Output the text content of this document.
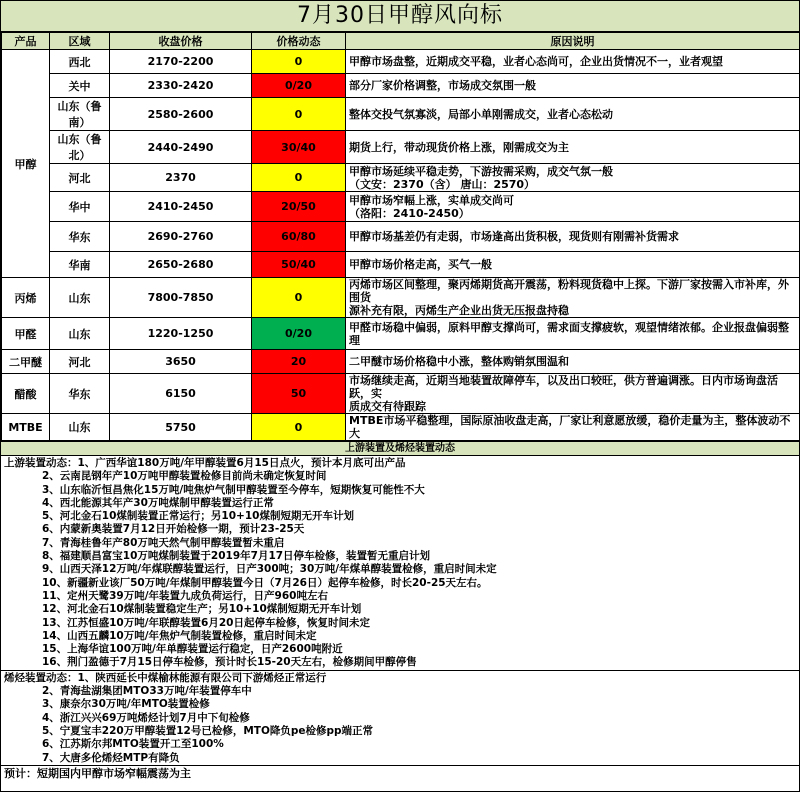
7月30日甲醇风向标
产品	区域	收盘价格	价格动态	原因说明
甲醇	西北	2170-2200	0	甲醇市场盘整，近期成交平稳，业者心态尚可，企业出货情况不一，业者观望

	关中	2330-2420	0/20	部分厂家价格调整，市场成交氛围一般

	山东（鲁南）	2580-2600	0	整体交投气氛寡淡，局部小单刚需成交，业者心态松动

	山东（鲁北）	2440-2490	30/40	期货上行，带动现货价格上涨，刚需成交为主

	河北	2370	0	甲醇市场延续平稳走势，下游按需采购，成交气氛一般
（文安：2370（含） 唐山：2570）

	华中	2410-2450	20/50	甲醇市场窄幅上涨，实单成交尚可
（洛阳：2410-2450）

	华东	2690-2760	60/80	甲醇市场基差仍有走弱，市场逢高出货积极，现货则有刚需补货需求

	华南	2650-2680	50/40	甲醇市场价格走高，买气一般

丙烯	山东	7800-7850	0	丙烯市场区间整理，聚丙烯期货高开震荡，粉料现货稳中上探。下游厂家按需入市补库，外围货
源补充有限，丙烯生产企业出货无压报盘持稳

甲醛	山东	1220-1250	0/20	甲醛市场稳中偏弱，原料甲醇支撑尚可，需求面支撑疲软，观望情绪浓郁。企业报盘偏弱整理

二甲醚	河北	3650	20	二甲醚市场价格稳中小涨，整体购销氛围温和

醋酸	华东	6150	50	市场继续走高，近期当地装置故障停车，以及出口较旺，供方普遍调涨。日内市场询盘活跃，实
质成交有待跟踪

MTBE	山东	5750	0	MTBE市场平稳整理，国际原油收盘走高，厂家让利意愿放缓，稳价走量为主，整体波动不大
上游装置及烯烃装置动态
上游装置动态：1、广西华谊180万吨/年甲醇装置6月15日点火，预计本月底可出产品
2、云南昆钢年产10万吨甲醇装置检修目前尚未确定恢复时间
3、山东临沂恒昌焦化15万吨/吨焦炉气制甲醇装置至今停车，短期恢复可能性不大
4、西北能源其年产30万吨煤制甲醇装置运行正常
5、河北金石10煤制装置正常运行；另10+10煤制短期无开车计划
6、内蒙新奥装置7月12日开始检修一期，预计23-25天
7、青海桂鲁年产80万吨天然气制甲醇装置暂未重启
8、福建顺昌富宝10万吨煤制装置于2019年7月17日停车检修，装置暂无重启计划
9、山西天泽12万吨/年煤联醇装置运行，日产300吨；30万吨/年煤单醇装置检修，重启时间未定
10、新疆新业该厂50万吨/年煤制甲醇装置今日（7月26日）起停车检修，时长20-25天左右。
11、定州天鹭39万吨/年装置九成负荷运行，日产960吨左右
12、河北金石10煤制装置稳定生产；另10+10煤制短期无开车计划
13、江苏恒盛10万吨/年联醇装置6月20日起停车检修，恢复时间未定
14、山西五麟10万吨/年焦炉气制装置检修，重启时间未定
15、上海华谊100万吨/年单醇装置运行稳定，日产2600吨附近
16、荆门盈德于7月15日停车检修，预计时长15-20天左右，检修期间甲醇停售
烯烃装置动态：1、陕西延长中煤榆林能源有限公司下游烯烃正常运行
2、青海盐湖集团MTO33万吨/年装置停车中
3、康奈尔30万吨/年MTO装置检修
4、浙江兴兴69万吨烯烃计划7月中下旬检修
5、宁夏宝丰220万甲醇装置12号已检修，MTO降负pe检修pp端正常
6、江苏斯尔邦MTO装置开工至100%
7、大唐多伦烯烃MTP有降负
预计：短期国内甲醇市场窄幅震荡为主
